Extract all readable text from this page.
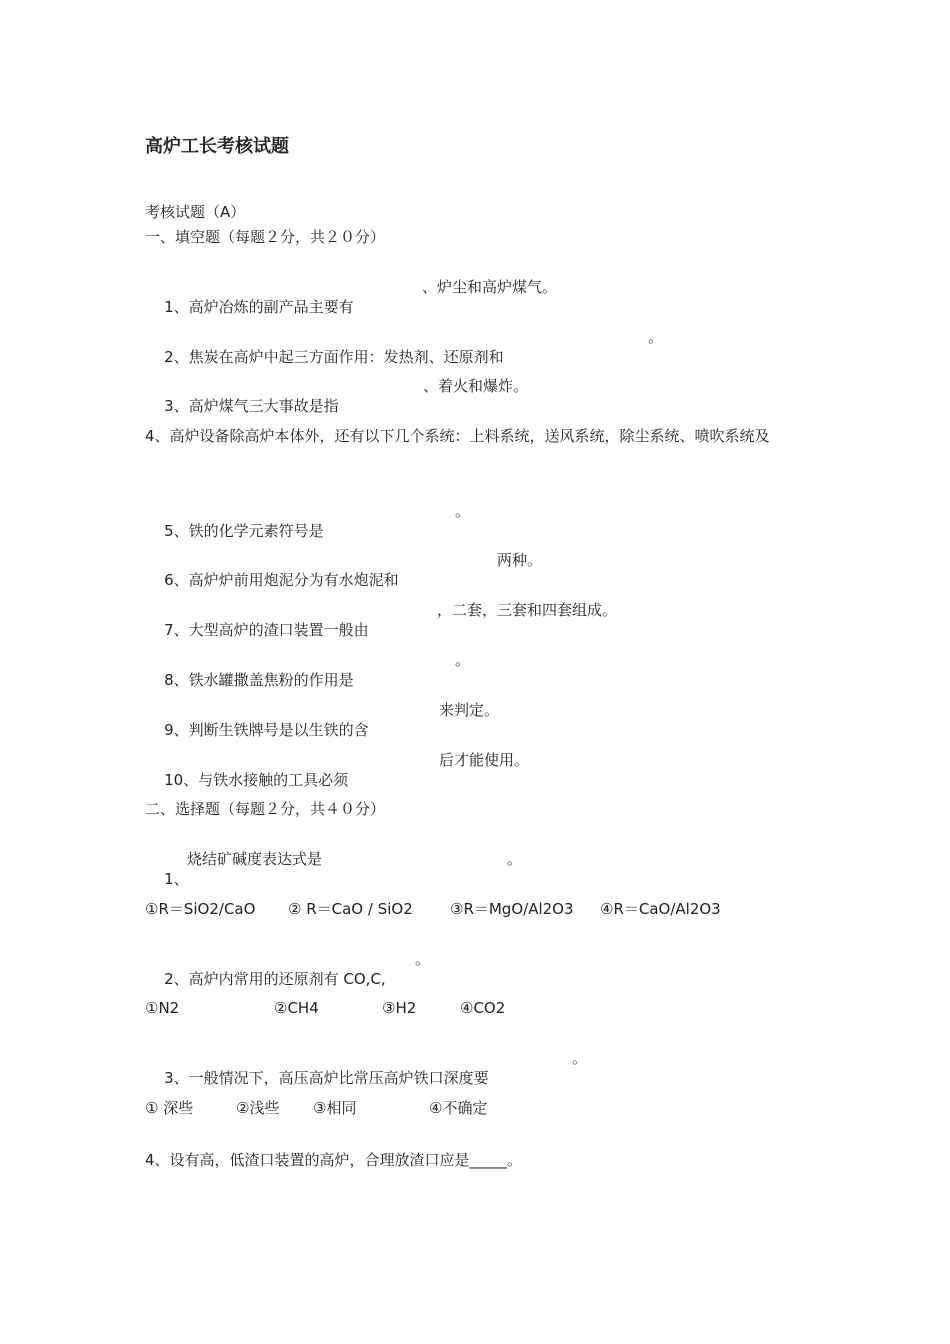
高炉工长考核试题
考核试题（A）
一、填空题（每题２分，共２０分）

1、高炉冶炼的副产品主要有
、炉尘和高炉煤气。

2、焦炭在高炉中起三方面作用：发热剂、还原剂和
。

3、高炉煤气三大事故是指
、着火和爆炸。

4、高炉设备除高炉本体外，还有以下几个系统：上料系统，送风系统，除尘系统、喷吹系统及

5、铁的化学元素符号是
。

6、高炉炉前用炮泥分为有水炮泥和
两种。

7、大型高炉的渣口装置一般由
，二套，三套和四套组成。

8、铁水罐撒盖焦粉的作用是
。

9、判断生铁牌号是以生铁的含
来判定。

10、与铁水接触的工具必须
后才能使用。

二、选择题（每题２分，共４０分）

1、
烧结矿碱度表达式是	。

①R＝SiO2/CaO

② R＝CaO / SiO2

③R＝MgO/Al2O3

④R＝CaO/Al2O3

2、高炉内常用的还原剂有 CO,C,
。

①N2

	②CH4

	③H2

	④CO2

3、一般情况下，高压高炉比常压高炉铁口深度要
。

① 深些

	②浅些

③相同

	④不确定

4、设有高，低渣口装置的高炉，合理放渣口应是_____。
